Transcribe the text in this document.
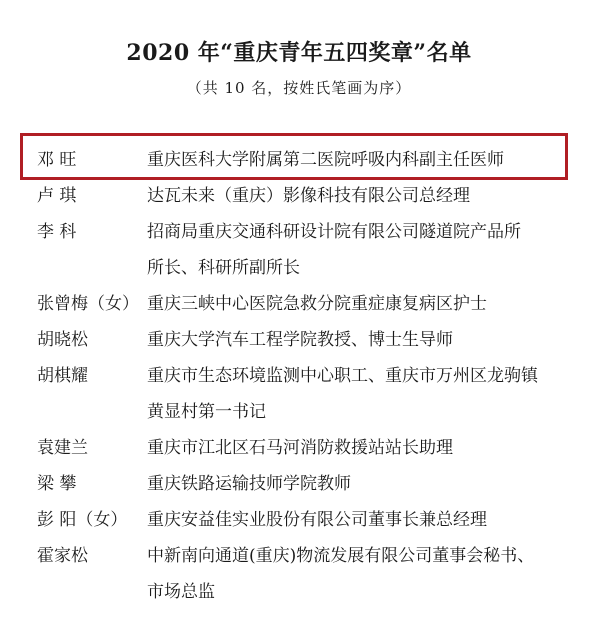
2020 年“重庆青年五四奖章”名单
（共 10 名，按姓氏笔画为序）
邓 旺	重庆医科大学附属第二医院呼吸内科副主任医师
卢 琪	达瓦未来（重庆）影像科技有限公司总经理
李 科	招商局重庆交通科研设计院有限公司隧道院产品所
所长、科研所副所长
张曾梅（女） 重庆三峡中心医院急救分院重症康复病区护士
胡晓松	重庆大学汽车工程学院教授、博士生导师
胡棋耀	重庆市生态环境监测中心职工、重庆市万州区龙驹镇
黄显村第一书记
袁建兰	重庆市江北区石马河消防救援站站长助理
梁 攀	重庆铁路运输技师学院教师
彭 阳（女） 重庆安益佳实业股份有限公司董事长兼总经理
霍家松	中新南向通道(重庆)物流发展有限公司董事会秘书、
市场总监
